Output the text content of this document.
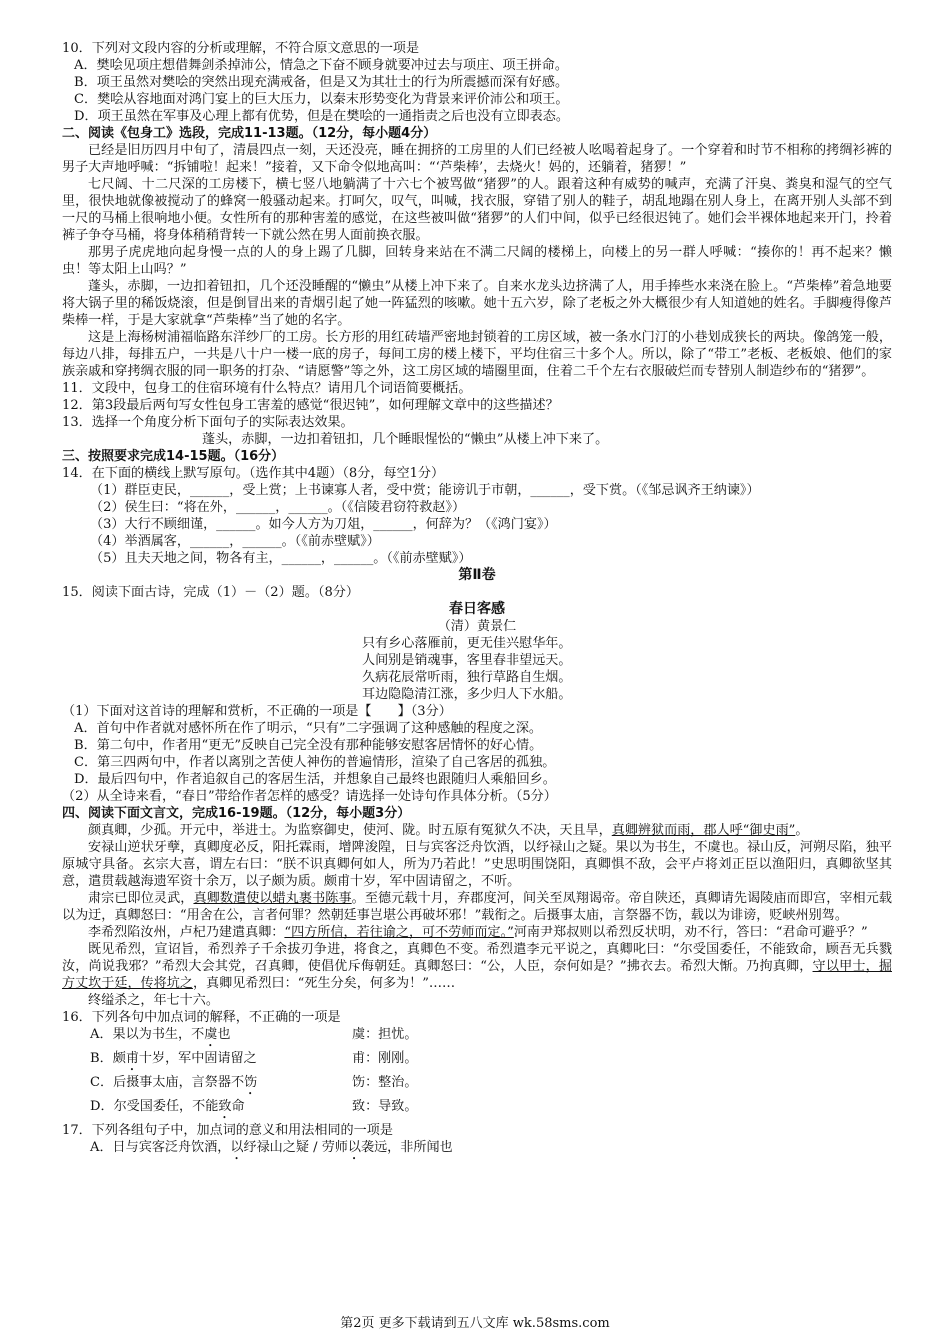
10．下列对文段内容的分析或理解，不符合原文意思的一项是

A．樊哙见项庄想借舞剑杀掉沛公，情急之下奋不顾身就要冲过去与项庄、项王拼命。

B．项王虽然对樊哙的突然出现充满戒备，但是又为其壮士的行为所震撼而深有好感。

C．樊哙从容地面对鸿门宴上的巨大压力，以秦末形势变化为背景来评价沛公和项王。

D．项王虽然在军事及心理上都有优势，但是在樊哙的一通指责之后也没有立即表态。

二、阅读《包身工》选段，完成11-13题。（12分，每小题4分）

已经是旧历四月中旬了，清晨四点一刻，天还没亮，睡在拥挤的工房里的人们已经被人吆喝着起身了。一个穿着和时节不相称的拷绸衫裤的男子大声地呼喊：“拆铺啦！起来！”接着，又下命令似地高叫：“‘芦柴棒’，去烧火！妈的，还躺着，猪猡！”

七尺阔、十二尺深的工房楼下，横七竖八地躺满了十六七个被骂做“猪猡”的人。跟着这种有威势的喊声，充满了汗臭、粪臭和湿气的空气里，很快地就像被搅动了的蜂窝一般骚动起来。打呵欠，叹气，叫喊，找衣服，穿错了别人的鞋子，胡乱地蹋在别人身上，在离开别人头部不到一尺的马桶上很响地小便。女性所有的那种害羞的感觉，在这些被叫做“猪猡”的人们中间，似乎已经很迟钝了。她们会半裸体地起来开门，拎着裤子争夺马桶，将身体稍稍背转一下就公然在男人面前换衣服。

那男子虎虎地向起身慢一点的人的身上踢了几脚，回转身来站在不满二尺阔的楼梯上，向楼上的另一群人呼喊：“揍你的！再不起来？懒虫！等太阳上山吗？”

蓬头，赤脚，一边扣着钮扣，几个还没睡醒的“懒虫”从楼上冲下来了。自来水龙头边挤满了人，用手捧些水来浇在脸上。“芦柴棒”着急地要将大锅子里的稀饭烧滚，但是倒冒出来的青烟引起了她一阵猛烈的咳嗽。她十五六岁，除了老板之外大概很少有人知道她的姓名。手脚瘦得像芦柴棒一样，于是大家就拿“芦柴棒”当了她的名字。

这是上海杨树浦福临路东洋纱厂的工房。长方形的用红砖墙严密地封锁着的工房区域，被一条水门汀的小巷划成狭长的两块。像鸽笼一般，每边八排，每排五户，一共是八十户一楼一底的房子，每间工房的楼上楼下，平均住宿三十多个人。所以，除了“带工”老板、老板娘、他们的家族亲戚和穿拷绸衣服的同一职务的打杂、“请愿警”等之外，这工房区域的墙圈里面，住着二千个左右衣服破烂而专替别人制造纱布的“猪猡”。

11．文段中，包身工的住宿环境有什么特点？请用几个词语简要概括。

12．第3段最后两句写女性包身工害羞的感觉“很迟钝”，如何理解文章中的这些描述？

13．选择一个角度分析下面句子的实际表达效果。

蓬头，赤脚，一边扣着钮扣，几个睡眼惺忪的“懒虫”从楼上冲下来了。

三、按照要求完成14-15题。（16分）

14．在下面的横线上默写原句。（选作其中4题）（8分，每空1分）

（1）群臣吏民，______，受上赏；上书谏寡人者，受中赏；能谤讥于市朝，______，受下赏。（《邹忌讽齐王纳谏》）

（2）侯生曰：“将在外，______，______。（《信陵君窃符救赵》）

（3）大行不顾细谨，______。如今人方为刀俎，______，何辞为？（《鸿门宴》）

（4）举酒属客，______，______。（《前赤壁赋》）

（5）且夫天地之间，物各有主，______，______。（《前赤壁赋》）

第Ⅱ卷

15．阅读下面古诗，完成（1）－（2）题。（8分）

春日客感

（清）黄景仁

只有乡心落雁前，更无佳兴慰华年。

人间别是销魂事，客里春非望远天。

久病花辰常听雨，独行草路自生烟。

耳边隐隐清江涨，多少归人下水船。

（1）下面对这首诗的理解和赏析，不正确的一项是【　　】（3分）

A．首句中作者就对感怀所在作了明示，“只有”二字强调了这种感触的程度之深。

B．第二句中，作者用“更无”反映自己完全没有那种能够安慰客居情怀的好心情。

C．第三四两句中，作者以离别之苦使人神伤的普遍情形，渲染了自己客居的孤独。

D．最后四句中，作者追叙自己的客居生活，并想象自己最终也跟随归人乘船回乡。

（2）从全诗来看，“春日”带给作者怎样的感受？请选择一处诗句作具体分析。（5分）

四、阅读下面文言文，完成16-19题。（12分，每小题3分）

颜真卿，少孤。开元中，举进士。为监察御史，使河、陇。时五原有冤狱久不决，天且旱，真卿辨狱而雨，郡人呼“御史雨”。

安禄山逆状牙孽，真卿度必反，阳托霖雨，增陴浚隍，日与宾客泛舟饮酒，以纾禄山之疑。果以为书生，不虞也。禄山反，河朔尽陷，独平原城守具备。玄宗大喜，谓左右曰：“朕不识真卿何如人，所为乃若此！”史思明围饶阳，真卿惧不敌，会平卢将刘正臣以渔阳归，真卿欲坚其意，遣贯载越海遗军资十余万，以子颇为质。颇甫十岁，军中固请留之，不听。

肃宗已即位灵武，真卿数遣使以蜡丸裹书陈事。至德元载十月，弃郡度河，间关至凤翔谒帝。帝自陕还，真卿请先谒陵庙而即宫，宰相元载以为迂，真卿怒曰：“用舍在公，言者何罪？然朝廷事岂堪公再破坏邪！”载衔之。后摄事太庙，言祭器不饬，载以为诽谤，贬峡州别驾。

李希烈陷汝州，卢杞乃建遣真卿：“四方所信，若往谕之，可不劳师而定。”河南尹郑叔则以希烈反状明，劝不行，答曰：“君命可避乎？”

既见希烈，宣诏旨，希烈养子千余拔刃争进，将食之，真卿色不变。希烈遣李元平说之，真卿叱曰：“尔受国委任，不能致命，顾吾无兵戮汝，尚说我邪？”希烈大会其党，召真卿，使倡优斥侮朝廷。真卿怒曰：“公，人臣，奈何如是？”拂衣去。希烈大惭。乃拘真卿，守以甲士，掘方丈坎于廷，传将坑之，真卿见希烈曰：“死生分矣，何多为！”……

终缢杀之，年七十六。

16．下列各句中加点词的解释，不正确的一项是

A．果以为书生，不虞也	虞：担忧。

B．颇甫十岁，军中固请留之	甫：刚刚。

C．后摄事太庙，言祭器不饬	饬：整治。

D．尔受国委任，不能致命	致：导致。

17．下列各组句子中，加点词的意义和用法相同的一项是

A．日与宾客泛舟饮酒，以纾禄山之疑 / 劳师以袭远，非所闻也

第2页 更多下载请到五八文库 wk.58sms.com
